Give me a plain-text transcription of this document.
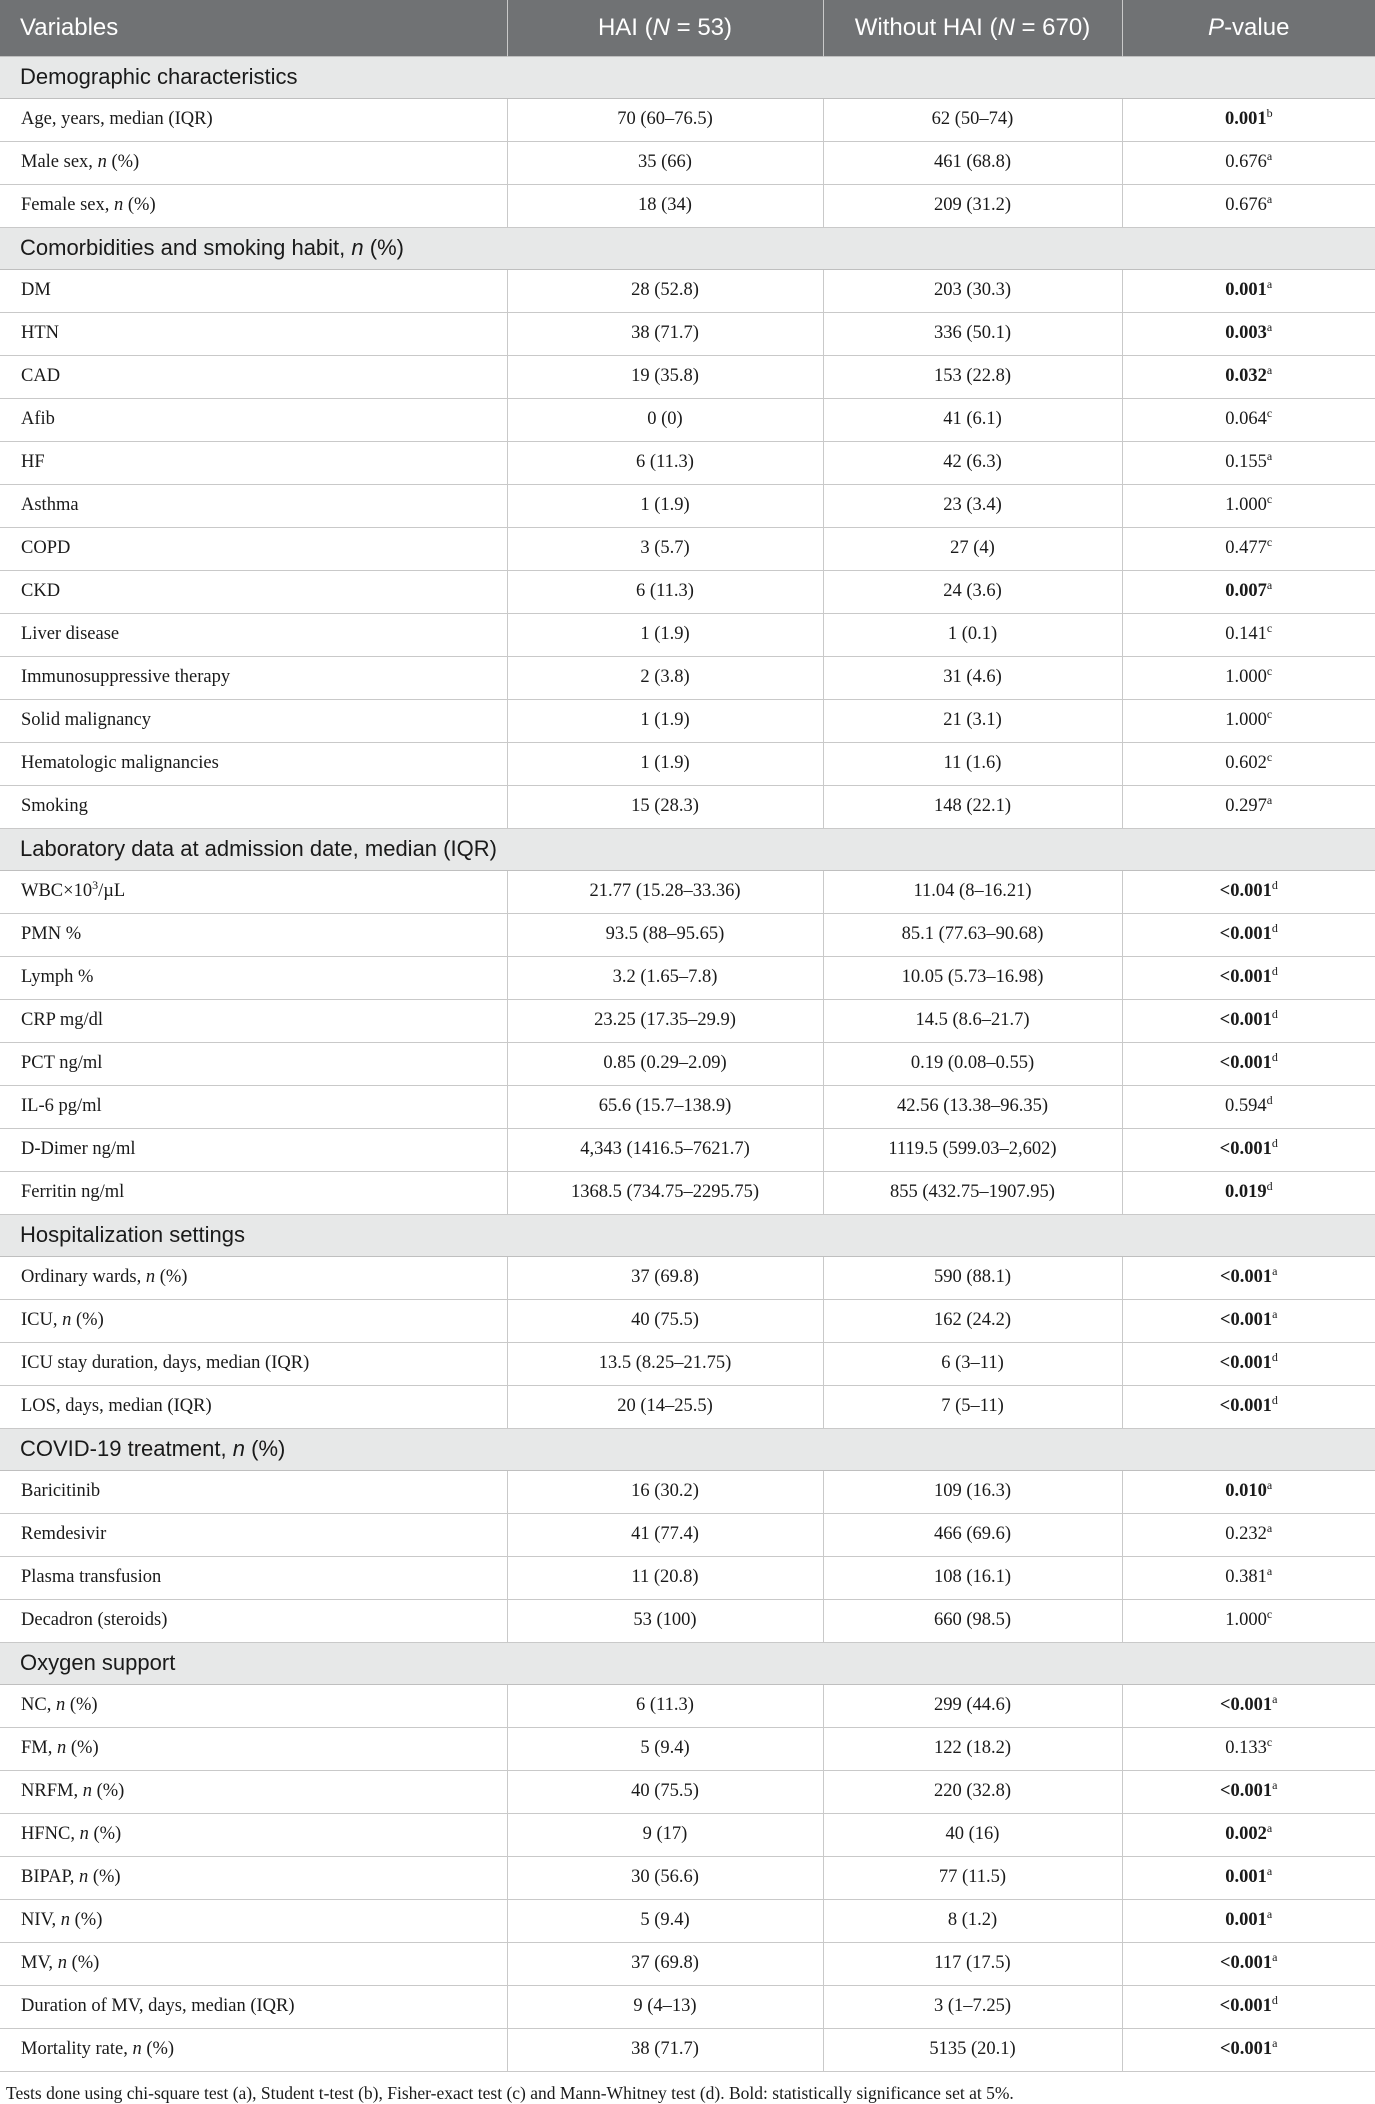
Variables	HAI (N = 53)	Without HAI (N = 670)	P-value
Demographic characteristics			
Age, years, median (IQR)	70 (60–76.5)	62 (50–74)	0.001$^b$
Male sex, n (%)	35 (66)	461 (68.8)	0.676$^a$
Female sex, n (%)	18 (34)	209 (31.2)	0.676$^a$
Comorbidities and smoking habit, n (%)			
DM	28 (52.8)	203 (30.3)	0.001$^a$
HTN	38 (71.7)	336 (50.1)	0.003$^a$
CAD	19 (35.8)	153 (22.8)	0.032$^a$
Afib	0 (0)	41 (6.1)	0.064$^c$
HF	6 (11.3)	42 (6.3)	0.155$^a$
Asthma	1 (1.9)	23 (3.4)	1.000$^c$
COPD	3 (5.7)	27 (4)	0.477$^c$
CKD	6 (11.3)	24 (3.6)	0.007$^a$
Liver disease	1 (1.9)	1 (0.1)	0.141$^c$
Immunosuppressive therapy	2 (3.8)	31 (4.6)	1.000$^c$
Solid malignancy	1 (1.9)	21 (3.1)	1.000$^c$
Hematologic malignancies	1 (1.9)	11 (1.6)	0.602$^c$
Smoking	15 (28.3)	148 (22.1)	0.297$^a$
Laboratory data at admission date, median (IQR)			
$WBC\times 10^3/\mu L$	21.77 (15.28–33.36)	11.04 (8–16.21)	<0.001$^d$
PMN %	93.5 (88–95.65)	85.1 (77.63–90.68)	<0.001$^d$
Lymph %	3.2 (1.65–7.8)	10.05 (5.73–16.98)	<0.001$^d$
CRP mg/dl	23.25 (17.35–29.9)	14.5 (8.6–21.7)	<0.001$^d$
PCT ng/ml	0.85 (0.29–2.09)	0.19 (0.08–0.55)	<0.001$^d$
IL-6 pg/ml	65.6 (15.7–138.9)	42.56 (13.38–96.35)	0.594$^d$
D-Dimer ng/ml	4,343 (1416.5–7621.7)	1119.5 (599.03–2,602)	<0.001$^d$
Ferritin ng/ml	1368.5 (734.75–2295.75)	855 (432.75–1907.95)	0.019$^d$
Hospitalization settings			
Ordinary wards, n (%)	37 (69.8)	590 (88.1)	<0.001$^a$
ICU, n (%)	40 (75.5)	162 (24.2)	<0.001$^a$
ICU stay duration, days, median (IQR)	13.5 (8.25–21.75)	6 (3–11)	<0.001$^d$
LOS, days, median (IQR)	20 (14–25.5)	7 (5–11)	<0.001$^d$
COVID-19 treatment, n (%)			
Baricitinib	16 (30.2)	109 (16.3)	0.010$^a$
Remdesivir	41 (77.4)	466 (69.6)	0.232$^a$
Plasma transfusion	11 (20.8)	108 (16.1)	0.381$^a$
Decadron (steroids)	53 (100)	660 (98.5)	1.000$^c$
Oxygen support			
NC, n (%)	6 (11.3)	299 (44.6)	<0.001$^a$
FM, n (%)	5 (9.4)	122 (18.2)	0.133$^c$
NRFM, n (%)	40 (75.5)	220 (32.8)	<0.001$^a$
HFNC, n (%)	9 (17)	40 (16)	0.002$^a$
BIPAP, n (%)	30 (56.6)	77 (11.5)	0.001$^a$
NIV, n (%)	5 (9.4)	8 (1.2)	0.001$^a$
MV, n (%)	37 (69.8)	117 (17.5)	<0.001$^a$
Duration of MV, days, median (IQR)	9 (4–13)	3 (1–7.25)	<0.001$^d$
Mortality rate, n (%)	38 (71.7)	5135 (20.1)	<0.001$^a$
Tests done using chi-square test (a), Student t-test (b), Fisher-exact test (c) and Mann-Whitney test (d). Bold: statistically significance set at 5%.
